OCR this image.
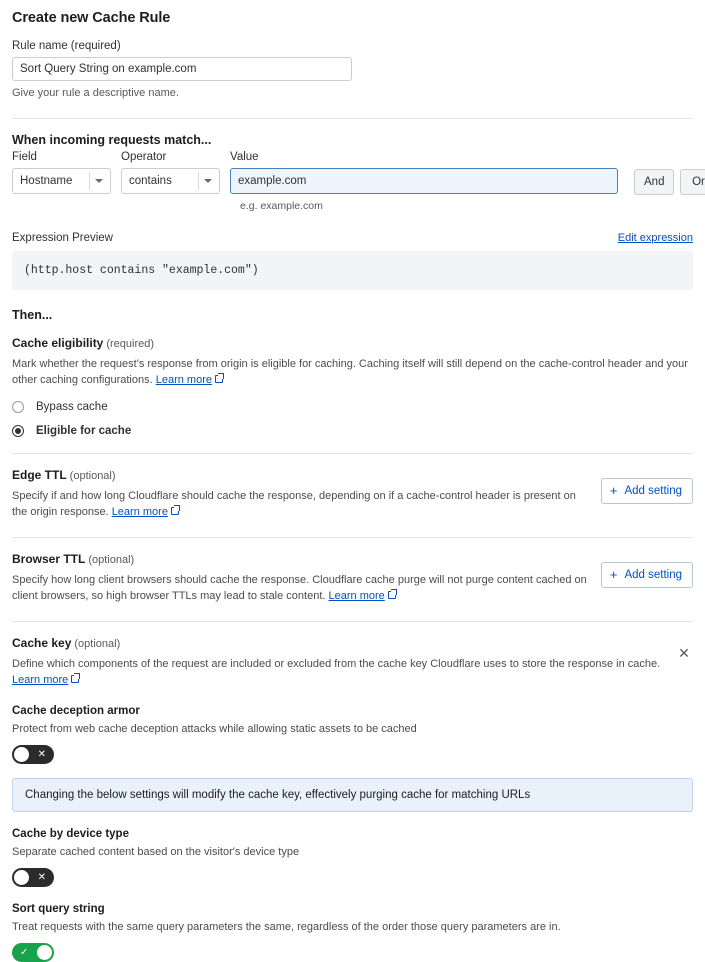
Create new Cache Rule
Rule name (required)
Sort Query String on example.com
Give your rule a descriptive name.
When incoming requests match...
Field
Hostname
Operator
contains
Value
example.com
And	Or
e.g. example.com
Expression Preview	Edit expression
(http.host contains "example.com")
Then...
Cache eligibility (required)
Mark whether the request's response from origin is eligible for caching. Caching itself will still depend on the cache-control header and your other caching configurations. Learn more
Bypass cache
Eligible for cache
Edge TTL (optional)
Specify if and how long Cloudflare should cache the response, depending on if a cache-control header is present on the origin response. Learn more
+ Add setting
Browser TTL (optional)
Specify how long client browsers should cache the response. Cloudflare cache purge will not purge content cached on client browsers, so high browser TTLs may lead to stale content. Learn more
+ Add setting
Cache key (optional)
✕
Define which components of the request are included or excluded from the cache key Cloudflare uses to store the response in cache.
Learn more
Cache deception armor
Protect from web cache deception attacks while allowing static assets to be cached
✕
Changing the below settings will modify the cache key, effectively purging cache for matching URLs
Cache by device type
Separate cached content based on the visitor's device type
✕
Sort query string
Treat requests with the same query parameters the same, regardless of the order those query parameters are in.
✓
